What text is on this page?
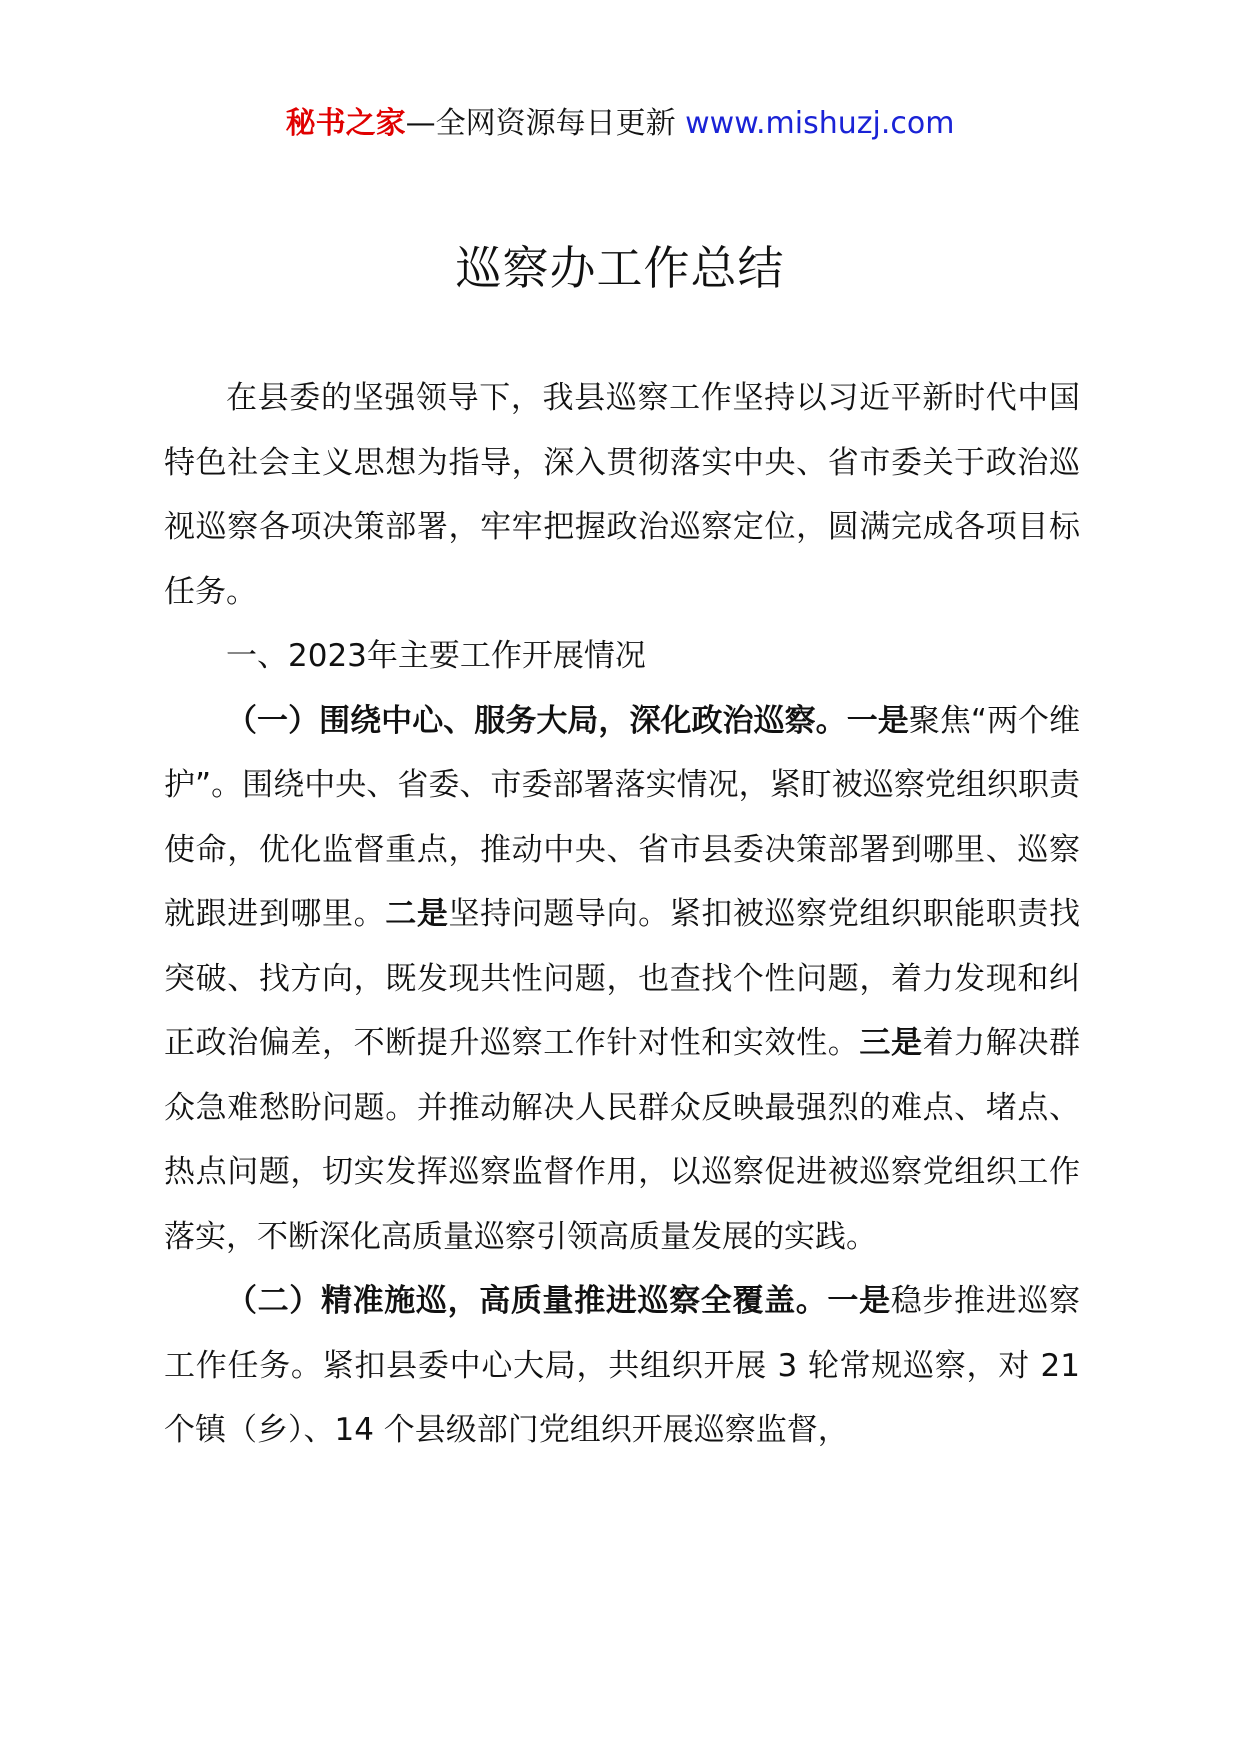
秘书之家—全网资源每日更新 www.mishuzj.com
巡察办工作总结

在县委的坚强领导下，我县巡察工作坚持以习近平新时代中国特色社会主义思想为指导，深入贯彻落实中央、省市委关于政治巡视巡察各项决策部署，牢牢把握政治巡察定位，圆满完成各项目标任务。

一、2023年主要工作开展情况

（一）围绕中心、服务大局，深化政治巡察。一是聚焦“两个维护”。围绕中央、省委、市委部署落实情况，紧盯被巡察党组织职责使命，优化监督重点，推动中央、省市县委决策部署到哪里、巡察就跟进到哪里。二是坚持问题导向。紧扣被巡察党组织职能职责找突破、找方向，既发现共性问题，也查找个性问题，着力发现和纠正政治偏差，不断提升巡察工作针对性和实效性。三是着力解决群众急难愁盼问题。并推动解决人民群众反映最强烈的难点、堵点、热点问题，切实发挥巡察监督作用，以巡察促进被巡察党组织工作落实，不断深化高质量巡察引领高质量发展的实践。

（二）精准施巡，高质量推进巡察全覆盖。一是稳步推进巡察工作任务。紧扣县委中心大局，共组织开展 3 轮常规巡察，对 21 个镇（乡）、14 个县级部门党组织开展巡察监督，
